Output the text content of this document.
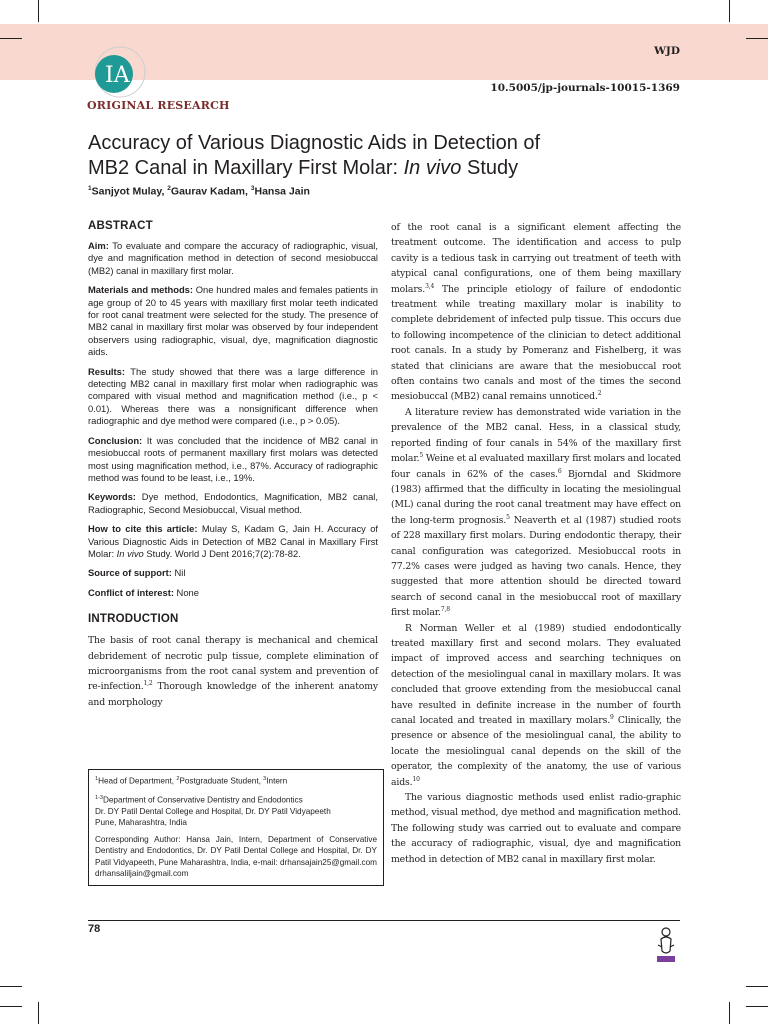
IA
WJD
10.5005/jp-journals-10015-1369
ORIGINAL RESEARCH
Accuracy of Various Diagnostic Aids in Detection of
MB2 Canal in Maxillary First Molar: In vivo Study
$^1$Sanjyot Mulay, $^2$Gaurav Kadam, $^3$Hansa Jain
ABSTRACT

Aim: To evaluate and compare the accuracy of radiographic, visual, dye and magnification method in detection of second mesiobuccal (MB2) canal in maxillary first molar.

Materials and methods: One hundred males and females patients in age group of 20 to 45 years with maxillary first molar teeth indicated for root canal treatment were selected for the study. The presence of MB2 canal in maxillary first molar was observed by four independent observers using radiographic, visual, dye, magnification diagnostic aids.

Results: The study showed that there was a large difference in detecting MB2 canal in maxillary first molar when radiographic was compared with visual method and magnification method (i.e., p < 0.01). Whereas there was a nonsignificant difference when radiographic and dye method were compared (i.e., p > 0.05).

Conclusion: It was concluded that the incidence of MB2 canal in mesiobuccal roots of permanent maxillary first molars was detected most using magnification method, i.e., 87%. Accuracy of radiographic method was found to be least, i.e., 19%.

Keywords: Dye method, Endodontics, Magnification, MB2 canal, Radiographic, Second Mesiobuccal, Visual method.

How to cite this article: Mulay S, Kadam G, Jain H. Accuracy of Various Diagnostic Aids in Detection of MB2 Canal in Maxillary First Molar: In vivo Study. World J Dent 2016;7(2):78-82.

Source of support: Nil

Conflict of interest: None

INTRODUCTION

The basis of root canal therapy is mechanical and chemical debridement of necrotic pulp tissue, complete elimination of microorganisms from the root canal system and prevention of re-infection.$^{1,2}$ Thorough knowledge of the inherent anatomy and morphology

of the root canal is a significant element affecting the treatment outcome. The identification and access to pulp cavity is a tedious task in carrying out treatment of teeth with atypical canal configurations, one of them being maxillary molars.$^{3,4}$ The principle etiology of failure of endodontic treatment while treating maxillary molar is inability to complete debridement of infected pulp tissue. This occurs due to following incompetence of the clinician to detect additional root canals. In a study by Pomeranz and Fishelberg, it was stated that clinicians are aware that the mesiobuccal root often contains two canals and most of the times the second mesiobuccal (MB2) canal remains unnoticed.$^2$

A literature review has demonstrated wide variation in the prevalence of the MB2 canal. Hess, in a classical study, reported finding of four canals in 54% of the maxillary first molar.$^5$ Weine et al evaluated maxillary first molars and located four canals in 62% of the cases.$^6$ Bjorndal and Skidmore (1983) affirmed that the difficulty in locating the mesiolingual (ML) canal during the root canal treatment may have effect on the long-term prognosis.$^5$ Neaverth et al (1987) studied roots of 228 maxillary first molars. During endodontic therapy, their canal configuration was categorized. Mesiobuccal roots in 77.2% cases were judged as having two canals. Hence, they suggested that more attention should be directed toward search of second canal in the mesiobuccal root of maxillary first molar.$^{7,8}$

R Norman Weller et al (1989) studied endodontically treated maxillary first and second molars. They evaluated impact of improved access and searching techniques on detection of the mesiolingual canal in maxillary molars. It was concluded that groove extending from the mesiobuccal canal have resulted in definite increase in the number of fourth canal located and treated in maxillary molars.$^9$ Clinically, the presence or absence of the mesiolingual canal, the ability to locate the mesiolingual canal depends on the skill of the operator, the complexity of the anatomy, the use of various aids.$^{10}$

The various diagnostic methods used enlist radio-graphic method, visual method, dye method and magnification method. The following study was carried out to evaluate and compare the accuracy of radiographic, visual, dye and magnification method in detection of MB2 canal in maxillary first molar.

$^1$Head of Department, $^2$Postgraduate Student, $^3$Intern

$^{1-3}$Department of Conservative Dentistry and Endodontics

Dr. DY Patil Dental College and Hospital, Dr. DY Patil Vidyapeeth

Pune, Maharashtra, India

Corresponding Author: Hansa Jain, Intern, Department of Conservative Dentistry and Endodontics, Dr. DY Patil Dental College and Hospital, Dr. DY Patil Vidyapeeth, Pune Maharashtra, India, e-mail: drhansajain25@gmail.com drhansaliljain@gmail.com

78
